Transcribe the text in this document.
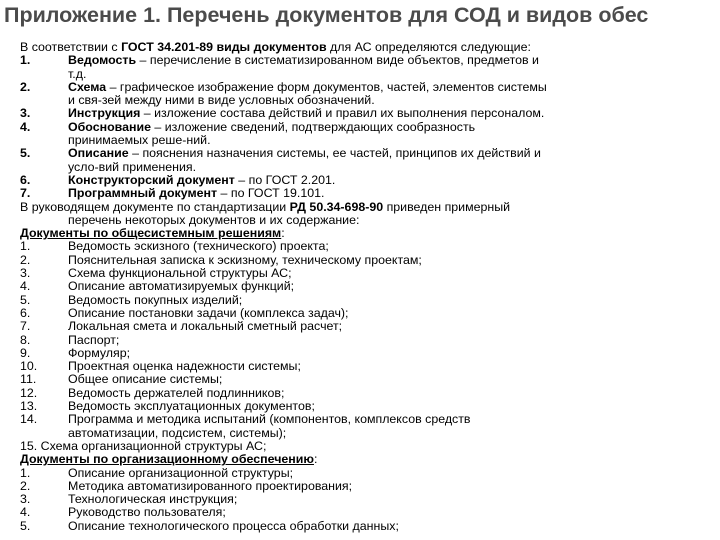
Приложение 1. Перечень документов для СОД и видов обес
В соответствии с ГОСТ 34.201-89 виды документов для АС определяются следующие:
1.	Ведомость – перечисление в систематизированном виде объектов, предметов и
т.д.
2.	Схема – графическое изображение форм документов, частей, элементов системы
и свя-зей между ними в виде условных обозначений.
3.	Инструкция – изложение состава действий и правил их выполнения персоналом.
4.	Обоснование – изложение сведений, подтверждающих сообразность
принимаемых реше-ний.
5.	Описание – пояснения назначения системы, ее частей, принципов их действий и
усло-вий применения.
6.	Конструкторский документ – по ГОСТ 2.201.
7.	Программный документ – по ГОСТ 19.101.
В руководящем документе по стандартизации РД 50.34-698-90 приведен примерный
перечень некоторых документов и их содержание:
Документы по общесистемным решениям:
1.	Ведомость эскизного (технического) проекта;
2.	Пояснительная записка к эскизному, техническому проектам;
3.	Схема функциональной структуры АС;
4.	Описание автоматизируемых функций;
5.	Ведомость покупных изделий;
6.	Описание постановки задачи (комплекса задач);
7.	Локальная смета и локальный сметный расчет;
8.	Паспорт;
9.	Формуляр;
10. Проектная оценка надежности системы;
11.	Общее описание системы;
12. Ведомость держателей подлинников;
13. Ведомость эксплуатационных документов;
14. Программа и методика испытаний (компонентов, комплексов средств
автоматизации, подсистем, системы);
15. Схема организационной структуры АС;
Документы по организационному обеспечению:
1.	Описание организационной структуры;
2.	Методика автоматизированного проектирования;
3.	Технологическая инструкция;
4.	Руководство пользователя;
5.	Описание технологического процесса обработки данных;
